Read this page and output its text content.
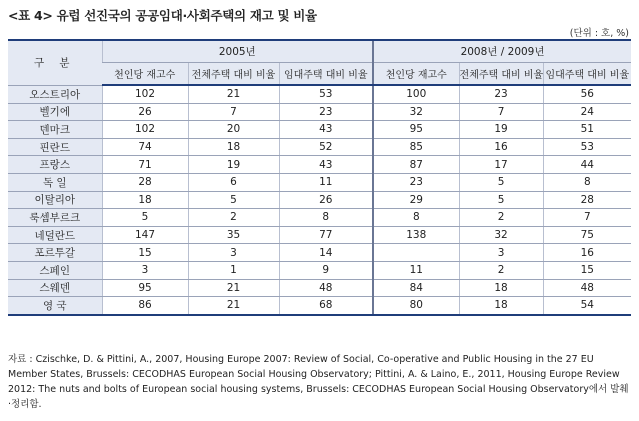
<표 4> 유럽 선진국의 공공임대·사회주택의 재고 및 비율
(단위 : 호, %)
구 분	2005년			2008년 / 2009년		
	천인당 재고수	전체주택 대비 비율	임대주택 대비 비율	천인당 재고수	전체주택 대비 비율	임대주택 대비 비율
오스트리아	102	21	53	100	23	56
벨기에	26	7	23	32	7	24
덴마크	102	20	43	95	19	51
핀란드	74	18	52	85	16	53
프랑스	71	19	43	87	17	44
독 일	28	6	11	23	5	8
이탈리아	18	5	26	29	5	28
룩셈부르크	5	2	8	8	2	7
네덜란드	147	35	77	138	32	75
포르투갈	15	3	14		3	16
스페인	3	1	9	11	2	15
스웨덴	95	21	48	84	18	48
영 국	86	21	68	80	18	54
자료 : Czischke, D. & Pittini, A., 2007, Housing Europe 2007: Review of Social, Co-operative and Public Housing in the 27 EU Member States, Brussels: CECODHAS European Social Housing Observatory; Pittini, A. & Laino, E., 2011, Housing Europe Review 2012: The nuts and bolts of European social housing systems, Brussels: CECODHAS European Social Housing Observatory에서 발췌·정리함.
